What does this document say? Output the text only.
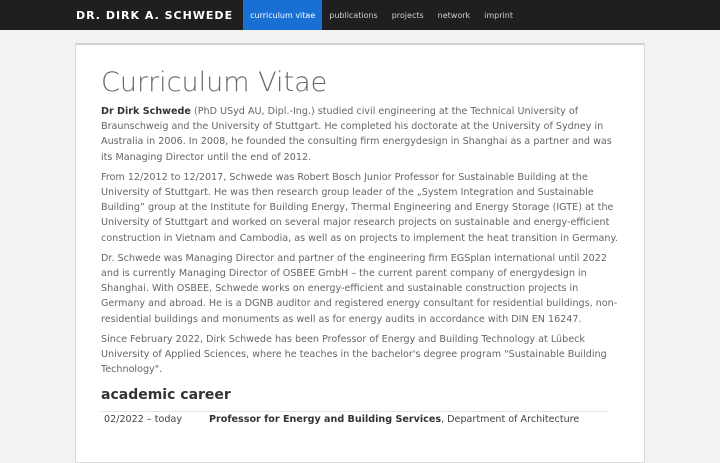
DR. DIRK A. SCHWEDE	curriculum vitae	publications	projects	network	imprint
Curriculum Vitae

Dr Dirk Schwede (PhD USyd AU, Dipl.-Ing.) studied civil engineering at the Technical University of Braunschweig and the University of Stuttgart. He completed his doctorate at the University of Sydney in Australia in 2006. In 2008, he founded the consulting firm energydesign in Shanghai as a partner and was its Managing Director until the end of 2012.

From 12/2012 to 12/2017, Schwede was Robert Bosch Junior Professor for Sustainable Building at the University of Stuttgart. He was then research group leader of the „System Integration and Sustainable Building” group at the Institute for Building Energy, Thermal Engineering and Energy Storage (IGTE) at the University of Stuttgart and worked on several major research projects on sustainable and energy-efficient construction in Vietnam and Cambodia, as well as on projects to implement the heat transition in Germany.

Dr. Schwede was Managing Director and partner of the engineering firm EGSplan international until 2022 and is currently Managing Director of OSBEE GmbH – the current parent company of energydesign in Shanghai. With OSBEE, Schwede works on energy-efficient and sustainable construction projects in Germany and abroad. He is a DGNB auditor and registered energy consultant for residential buildings, non-residential buildings and monuments as well as for energy audits in accordance with DIN EN 16247.

Since February 2022, Dirk Schwede has been Professor of Energy and Building Technology at Lübeck University of Applied Sciences, where he teaches in the bachelor's degree program "Sustainable Building Technology".

academic career
02/2022 – today	Professor for Energy and Building Services, Department of Architecture
